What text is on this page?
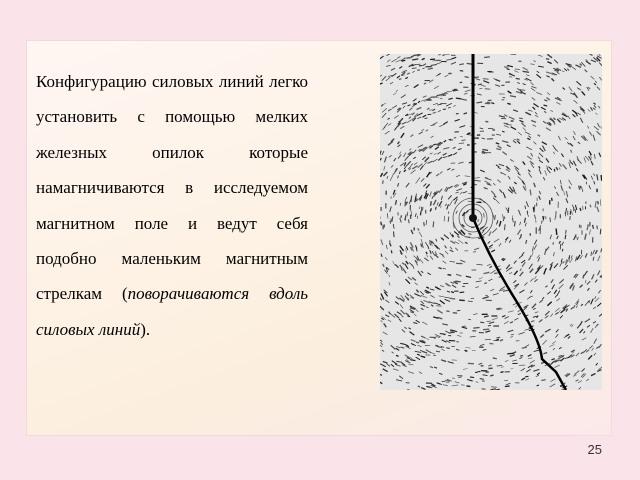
Конфигурацию силовых линий легко установить с помощью мелких железных опилок которые намагничиваются в исследуемом магнитном поле и ведут себя подобно маленьким магнитным стрелкам (поворачиваются вдоль силовых линий).

25
